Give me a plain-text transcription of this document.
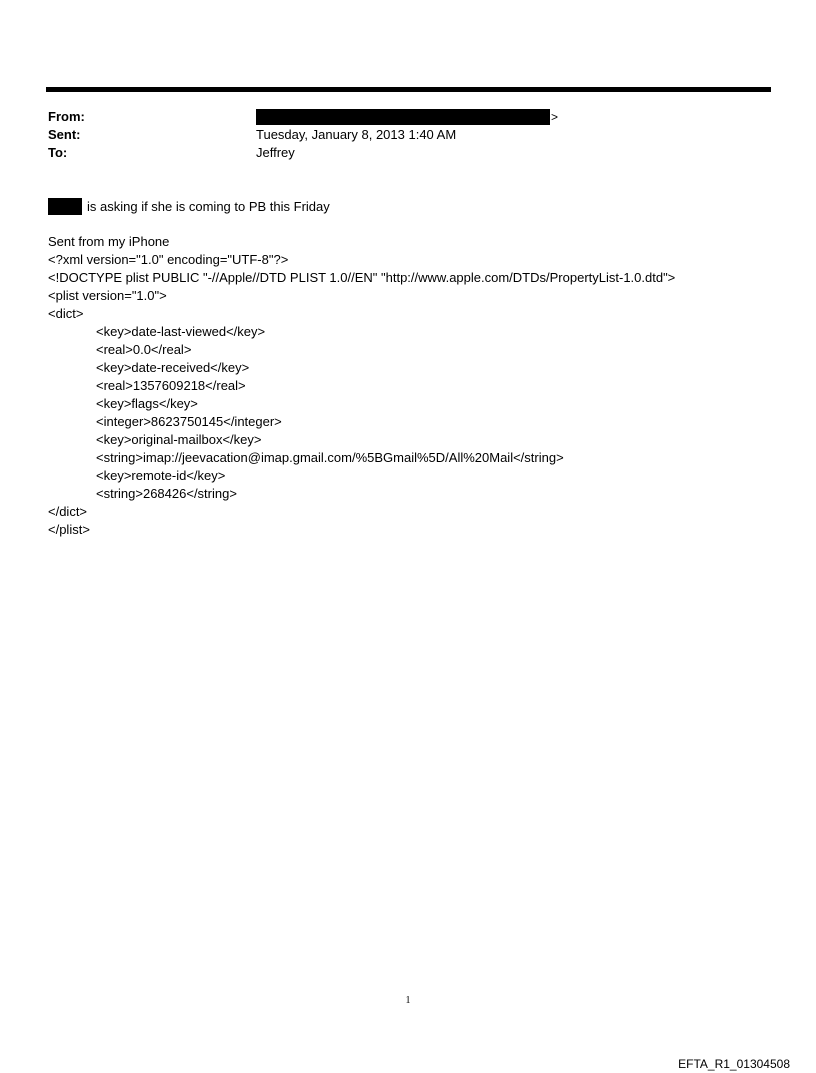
From:	>
Sent:	Tuesday, January 8, 2013 1:40 AM
To:	Jeffrey
is asking if she is coming to PB this Friday
Sent from my iPhone
<?xml version="1.0" encoding="UTF-8"?>
<!DOCTYPE plist PUBLIC "-//Apple//DTD PLIST 1.0//EN" "http://www.apple.com/DTDs/PropertyList-1.0.dtd">
<plist version="1.0">
<dict>
<key>date-last-viewed</key>
<real>0.0</real>
<key>date-received</key>
<real>1357609218</real>
<key>flags</key>
<integer>8623750145</integer>
<key>original-mailbox</key>
<string>imap://jeevacation@imap.gmail.com/%5BGmail%5D/All%20Mail</string>
<key>remote-id</key>
<string>268426</string>
</dict>
</plist>
1
EFTA_R1_01304508
